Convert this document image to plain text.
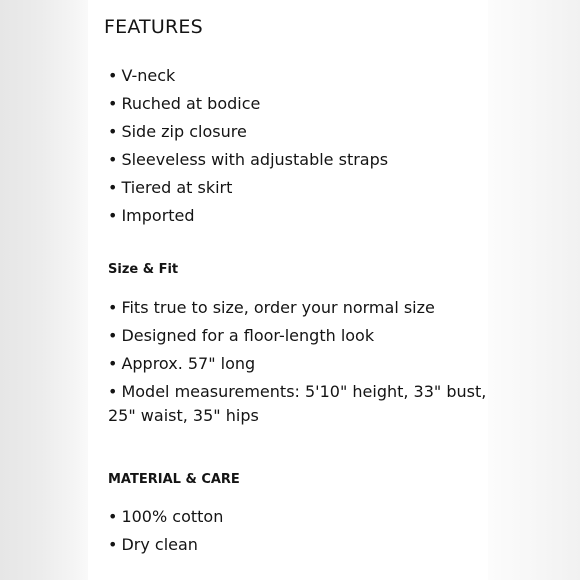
FEATURES
• V-neck
• Ruched at bodice
• Side zip closure
• Sleeveless with adjustable straps
• Tiered at skirt
• Imported
Size & Fit
• Fits true to size, order your normal size
• Designed for a floor-length look
• Approx. 57" long
• Model measurements: 5'10" height, 33" bust, 25" waist, 35" hips
MATERIAL & CARE
• 100% cotton
• Dry clean
